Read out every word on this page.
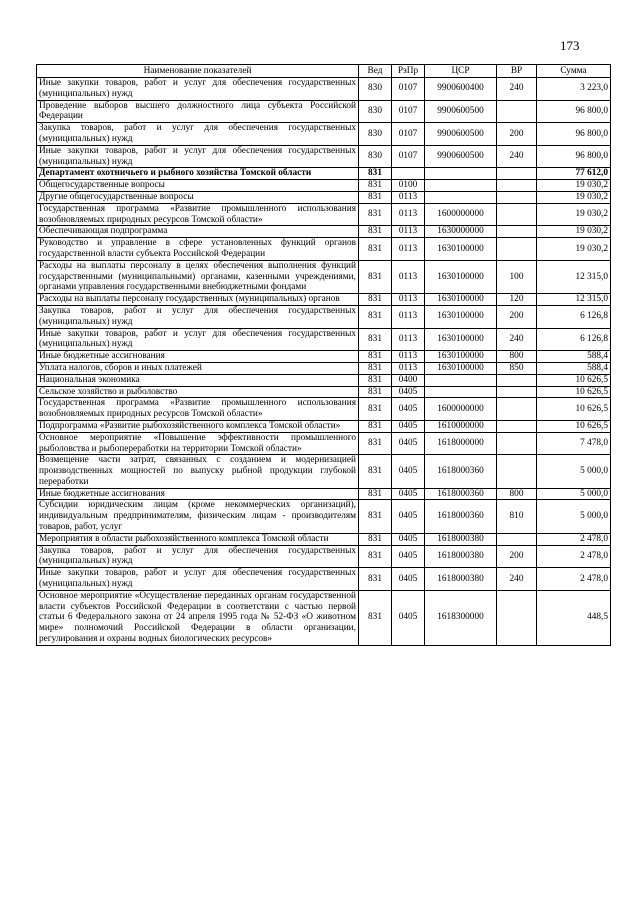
173
Наименование показателей	Вед	РзПр	ЦСР	ВР	Сумма
Иные закупки товаров, работ и услуг для обеспечения государственных (муниципальных) нужд	830	0107	9900600400	240	3 223,0
Проведение выборов высшего должностного лица субъекта Российской Федерации	830	0107	9900600500		96 800,0
Закупка товаров, работ и услуг для обеспечения государственных (муниципальных) нужд	830	0107	9900600500	200	96 800,0
Иные закупки товаров, работ и услуг для обеспечения государственных (муниципальных) нужд	830	0107	9900600500	240	96 800,0
Департамент охотничьего и рыбного хозяйства Томской области	831				77 612,0
Общегосударственные вопросы	831	0100			19 030,2
Другие общегосударственные вопросы	831	0113			19 030,2
Государственная программа «Развитие промышленного использования возобновляемых природных ресурсов Томской области»	831	0113	1600000000		19 030,2
Обеспечивающая подпрограмма	831	0113	1630000000		19 030,2
Руководство и управление в сфере установленных функций органов государственной власти субъекта Российской Федерации	831	0113	1630100000		19 030,2
Расходы на выплаты персоналу в целях обеспечения выполнения функций государственными (муниципальными) органами, казенными учреждениями, органами управления государственными внебюджетными фондами	831	0113	1630100000	100	12 315,0
Расходы на выплаты персоналу государственных (муниципальных) органов	831	0113	1630100000	120	12 315,0
Закупка товаров, работ и услуг для обеспечения государственных (муниципальных) нужд	831	0113	1630100000	200	6 126,8
Иные закупки товаров, работ и услуг для обеспечения государственных (муниципальных) нужд	831	0113	1630100000	240	6 126,8
Иные бюджетные ассигнования	831	0113	1630100000	800	588,4
Уплата налогов, сборов и иных платежей	831	0113	1630100000	850	588,4
Национальная экономика	831	0400			10 626,5
Сельское хозяйство и рыболовство	831	0405			10 626,5
Государственная программа «Развитие промышленного использования возобновляемых природных ресурсов Томской области»	831	0405	1600000000		10 626,5
Подпрограмма «Развитие рыбохозяйственного комплекса Томской области»	831	0405	1610000000		10 626,5
Основное мероприятие «Повышение эффективности промышленного рыболовства и рыбопереработки на территории Томской области»	831	0405	1618000000		7 478,0
Возмещение части затрат, связанных с созданием и модернизацией производственных мощностей по выпуску рыбной продукции глубокой переработки	831	0405	1618000360		5 000,0
Иные бюджетные ассигнования	831	0405	1618000360	800	5 000,0
Субсидии юридическим лицам (кроме некоммерческих организаций), индивидуальным предпринимателям, физическим лицам - производителям товаров, работ, услуг	831	0405	1618000360	810	5 000,0
Мероприятия в области рыбохозяйственного комплекса Томской области	831	0405	1618000380		2 478,0
Закупка товаров, работ и услуг для обеспечения государственных (муниципальных) нужд	831	0405	1618000380	200	2 478,0
Иные закупки товаров, работ и услуг для обеспечения государственных (муниципальных) нужд	831	0405	1618000380	240	2 478,0
Основное мероприятие «Осуществление переданных органам государственной власти субъектов Российской Федерации в соответствии с частью первой статьи 6 Федерального закона от 24 апреля 1995 года № 52-ФЗ «О животном мире» полномочий Российской Федерации в области организации, регулирования и охраны водных биологических ресурсов»	831	0405	1618300000		448,5
